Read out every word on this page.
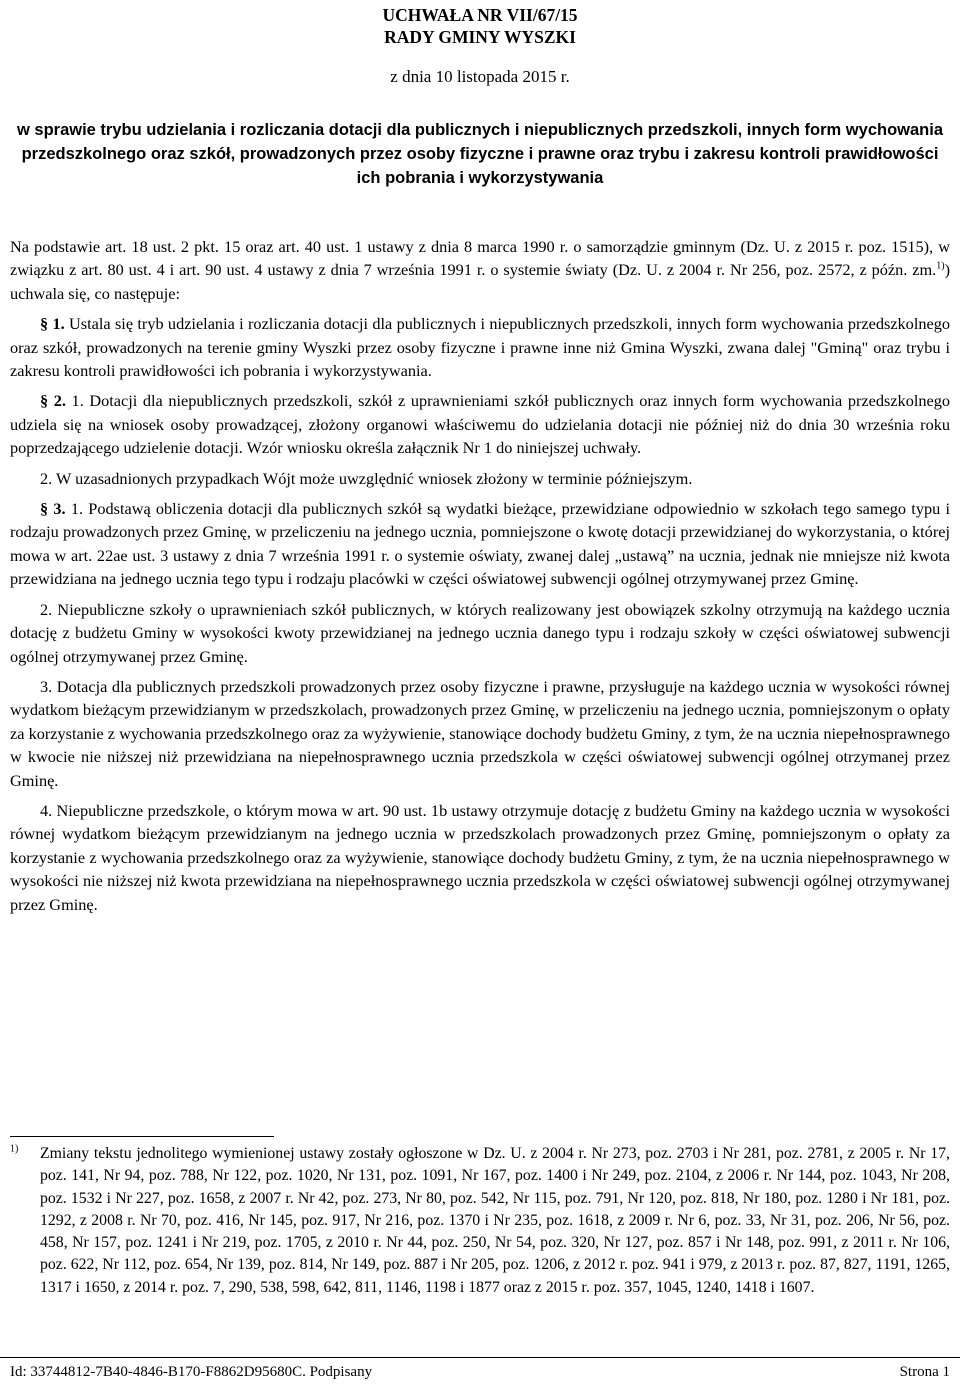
UCHWAŁA NR VII/67/15
RADY GMINY WYSZKI
z dnia 10 listopada 2015 r.
w sprawie trybu udzielania i rozliczania dotacji dla publicznych i niepublicznych przedszkoli, innych form wychowania przedszkolnego oraz szkół, prowadzonych przez osoby fizyczne i prawne oraz trybu i zakresu kontroli prawidłowości ich pobrania i wykorzystywania

Na podstawie art. 18 ust. 2 pkt. 15 oraz art. 40 ust. 1 ustawy z dnia 8 marca 1990 r. o samorządzie gminnym (Dz. U. z 2015 r. poz. 1515), w związku z art. 80 ust. 4 i art. 90 ust. 4 ustawy z dnia 7 września 1991 r. o systemie światy (Dz. U. z 2004 r. Nr 256, poz. 2572, z późn. zm.$^{1)}$) uchwala się, co następuje:

§ 1. Ustala się tryb udzielania i rozliczania dotacji dla publicznych i niepublicznych przedszkoli, innych form wychowania przedszkolnego oraz szkół, prowadzonych na terenie gminy Wyszki przez osoby fizyczne i prawne inne niż Gmina Wyszki, zwana dalej "Gminą" oraz trybu i zakresu kontroli prawidłowości ich pobrania i wykorzystywania.

§ 2. 1. Dotacji dla niepublicznych przedszkoli, szkół z uprawnieniami szkół publicznych oraz innych form wychowania przedszkolnego udziela się na wniosek osoby prowadzącej, złożony organowi właściwemu do udzielania dotacji nie później niż do dnia 30 września roku poprzedzającego udzielenie dotacji. Wzór wniosku określa załącznik Nr 1 do niniejszej uchwały.

2. W uzasadnionych przypadkach Wójt może uwzględnić wniosek złożony w terminie późniejszym.

§ 3. 1. Podstawą obliczenia dotacji dla publicznych szkół są wydatki bieżące, przewidziane odpowiednio w szkołach tego samego typu i rodzaju prowadzonych przez Gminę, w przeliczeniu na jednego ucznia, pomniejszone o kwotę dotacji przewidzianej do wykorzystania, o której mowa w art. 22ae ust. 3 ustawy z dnia 7 września 1991 r. o systemie oświaty, zwanej dalej „ustawą” na ucznia, jednak nie mniejsze niż kwota przewidziana na jednego ucznia tego typu i rodzaju placówki w części oświatowej subwencji ogólnej otrzymywanej przez Gminę.

2. Niepubliczne szkoły o uprawnieniach szkół publicznych, w których realizowany jest obowiązek szkolny otrzymują na każdego ucznia dotację z budżetu Gminy w wysokości kwoty przewidzianej na jednego ucznia danego typu i rodzaju szkoły w części oświatowej subwencji ogólnej otrzymywanej przez Gminę.

3. Dotacja dla publicznych przedszkoli prowadzonych przez osoby fizyczne i prawne, przysługuje na każdego ucznia w wysokości równej wydatkom bieżącym przewidzianym w przedszkolach, prowadzonych przez Gminę, w przeliczeniu na jednego ucznia, pomniejszonym o opłaty za korzystanie z wychowania przedszkolnego oraz za wyżywienie, stanowiące dochody budżetu Gminy, z tym, że na ucznia niepełnosprawnego w kwocie nie niższej niż przewidziana na niepełnosprawnego ucznia przedszkola w części oświatowej subwencji ogólnej otrzymanej przez Gminę.

4. Niepubliczne przedszkole, o którym mowa w art. 90 ust. 1b ustawy otrzymuje dotację z budżetu Gminy na każdego ucznia w wysokości równej wydatkom bieżącym przewidzianym na jednego ucznia w przedszkolach prowadzonych przez Gminę, pomniejszonym o opłaty za korzystanie z wychowania przedszkolnego oraz za wyżywienie, stanowiące dochody budżetu Gminy, z tym, że na ucznia niepełnosprawnego w wysokości nie niższej niż kwota przewidziana na niepełnosprawnego ucznia przedszkola w części oświatowej subwencji ogólnej otrzymywanej przez Gminę.

$^{1)}$	Zmiany tekstu jednolitego wymienionej ustawy zostały ogłoszone w Dz. U. z 2004 r. Nr 273, poz. 2703 i Nr 281, poz. 2781, z 2005 r. Nr 17, poz. 141, Nr 94, poz. 788, Nr 122, poz. 1020, Nr 131, poz. 1091, Nr 167, poz. 1400 i Nr 249, poz. 2104, z 2006 r. Nr 144, poz. 1043, Nr 208, poz. 1532 i Nr 227, poz. 1658, z 2007 r. Nr 42, poz. 273, Nr 80, poz. 542, Nr 115, poz. 791, Nr 120, poz. 818, Nr 180, poz. 1280 i Nr 181, poz. 1292, z 2008 r. Nr 70, poz. 416, Nr 145, poz. 917, Nr 216, poz. 1370 i Nr 235, poz. 1618, z 2009 r. Nr 6, poz. 33, Nr 31, poz. 206, Nr 56, poz. 458, Nr 157, poz. 1241 i Nr 219, poz. 1705, z 2010 r. Nr 44, poz. 250, Nr 54, poz. 320, Nr 127, poz. 857 i Nr 148, poz. 991, z 2011 r. Nr 106, poz. 622, Nr 112, poz. 654, Nr 139, poz. 814, Nr 149, poz. 887 i Nr 205, poz. 1206, z 2012 r. poz. 941 i 979, z 2013 r. poz. 87, 827, 1191, 1265, 1317 i 1650, z 2014 r. poz. 7, 290, 538, 598, 642, 811, 1146, 1198 i 1877 oraz z 2015 r. poz. 357, 1045, 1240, 1418 i 1607.
Id: 33744812-7B40-4846-B170-F8862D95680C. Podpisany	Strona 1
